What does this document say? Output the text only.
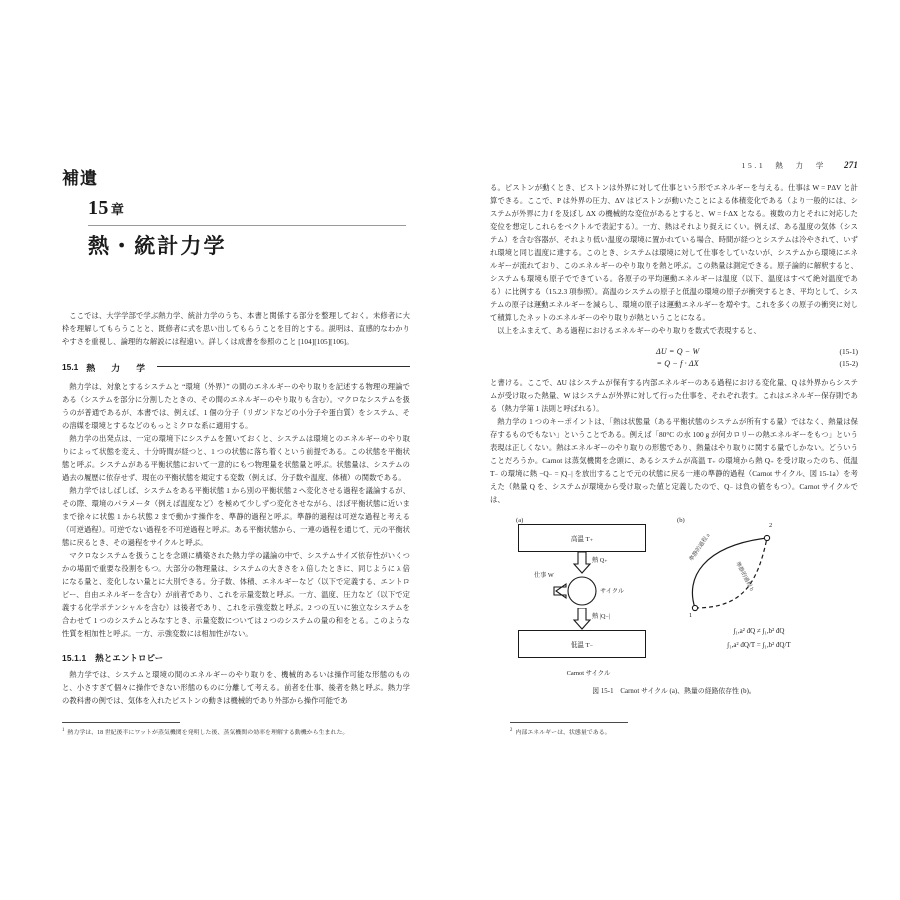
補遺
15 章
熱・統計力学

ここでは、大学学部で学ぶ熱力学、統計力学のうち、本書と関係する部分を整理しておく。未修者に大枠を理解してもらうことと、既修者に式を思い出してもらうことを目的とする。説明は、直感的なわかりやすさを重視し、論理的な解説には程遠い。詳しくは成書を参照のこと [104][105][106]。

15.1 熱　力　学

熱力学は、対象とするシステムと “環境（外界）” の間のエネルギーのやり取りを記述する物理の理論である（システムを部分に分割したときの、その間のエネルギーのやり取りも含む）。マクロなシステムを扱うのが普通であるが、本書では、例えば、1 個の分子（リガンドなどの小分子や蛋白質）をシステム、その溶媒を環境とするなどのもっとミクロな系に適用する。

熱力学の出発点は、一定の環境下にシステムを置いておくと、システムは環境とのエネルギーのやり取りによって状態を変え、十分時間が経つと、1 つの状態に落ち着くという前提である。この状態を平衡状態と呼ぶ。システムがある平衡状態において一意的にもつ物理量を状態量と呼ぶ。状態量は、システムの過去の履歴に依存せず、現在の平衡状態を規定する変数（例えば、分子数や温度、体積）の関数である。

熱力学ではしばしば、システムをある平衡状態 1 から別の平衡状態 2 へ変化させる過程を議論するが、その際、環境のパラメータ（例えば温度など）を極めて少しずつ変化させながら、ほぼ平衡状態に近いままで徐々に状態 1 から状態 2 まで動かす操作を、準静的過程と呼ぶ。準静的過程は可逆な過程と考える（可逆過程）。可逆でない過程を不可逆過程と呼ぶ。ある平衡状態から、一連の過程を通じて、元の平衡状態に戻るとき、その過程をサイクルと呼ぶ。

マクロなシステムを扱うことを念頭に構築された熱力学の議論の中で、システムサイズ依存性がいくつかの場面で重要な役割をもつ。大部分の物理量は、システムの大きさを λ 倍したときに、同じように λ 倍になる量と、変化しない量とに大別できる。分子数、体積、エネルギーなど（以下で定義する、エントロピー、自由エネルギーを含む）が前者であり、これを示量変数と呼ぶ。一方、温度、圧力など（以下で定義する化学ポテンシャルを含む）は後者であり、これを示強変数と呼ぶ。2 つの互いに独立なシステムを合わせて 1 つのシステムとみなすとき、示量変数については 2 つのシステムの量の和をとる。このような性質を相加性と呼ぶ。一方、示強変数には相加性がない。

15.1.1 熱とエントロピー

熱力学では、システムと環境の間のエネルギーのやり取りを、機械的あるいは操作可能な形態のものと、小さすぎて個々に操作できない形態のものに分離して考える。前者を仕事、後者を熱と呼ぶ。熱力学の教科書の例では、気体を入れたピストンの動きは機械的であり外部から操作可能であ

$^1$ 熱力学は、18 世紀後半にワットが蒸気機関を発明した後、蒸気機関の効率を理解する動機から生まれた。

15.1　熱　力　学 271

る。ピストンが動くとき、ピストンは外界に対して仕事という形でエネルギーを与える。仕事は W = PΔV と計算できる。ここで、P は外界の圧力、ΔV はピストンが動いたことによる体積変化である（より一般的には、システムが外界に力 f を及ぼし ΔX の機械的な変位があるとすると、W = f·ΔX となる。複数の力とそれに対応した変位を想定しこれらをベクトルで表記する）。一方、熱はそれより捉えにくい。例えば、ある温度の気体（システム）を含む容器が、それより低い温度の環境に置かれている場合、時間が経つとシステムは冷やされて、いずれ環境と同じ温度に達する。このとき、システムは環境に対して仕事をしていないが、システムから環境にエネルギーが流れており、このエネルギーのやり取りを熱と呼ぶ。この熱量は測定できる。原子論的に解釈すると、システムも環境も原子でできている。各原子の平均運動エネルギーは温度（以下、温度はすべて絶対温度である）に比例する（15.2.3 項参照）。高温のシステムの原子と低温の環境の原子が衝突するとき、平均として、システムの原子は運動エネルギーを減らし、環境の原子は運動エネルギーを増やす。これを多くの原子の衝突に対して積算したネットのエネルギーのやり取りが熱ということになる。

以上をふまえて、ある過程におけるエネルギーのやり取りを数式で表現すると、

ΔU = Q − W	(15-1)
= Q − f · ΔX	(15-2)

と書ける。ここで、ΔU はシステムが保有する内部エネルギーのある過程における変化量、Q は外界からシステムが受け取った熱量、W はシステムが外界に対して行った仕事を、それぞれ表す。これはエネルギー保存則である（熱力学第 1 法則と呼ばれる）。

熱力学の 1 つのキーポイントは、「熱は状態量（ある平衡状態のシステムが所有する量）ではなく、熱量は保存するものでもない」ということである。例えば「80°C の水 100 g が何カロリーの熱エネルギーをもつ」という表現は正しくない。熱はエネルギーのやり取りの形態であり、熱量はやり取りに関する量でしかない。どういうことだろうか。Carnot は蒸気機関を念頭に、あるシステムが高温 T₊ の環境から熱 Q₊ を受け取ったのち、低温 T₋ の環境に熱 −Q₋ = |Q₋| を放出することで元の状態に戻る一連の準静的過程（Carnot サイクル、図 15-1a）を考えた（熱量 Q を、システムが環境から受け取った値と定義したので、Q₋ は負の値をもつ）。Carnot サイクルでは、

(a)
高温 T₊
熱 Q₊
仕事 W
サイクル
熱 |Q₋|
低温 T₋
Carnot サイクル
(b)
1
2
準静的過程 a
準静的過程 b
∫₁,a² đQ ≠ ∫₁,b² đQ
∫₁,a² đQ/T = ∫₁,b² đQ/T
図 15-1　Carnot サイクル (a)、熱量の経路依存性 (b)。

$^2$ 内部エネルギーは、状態量である。
